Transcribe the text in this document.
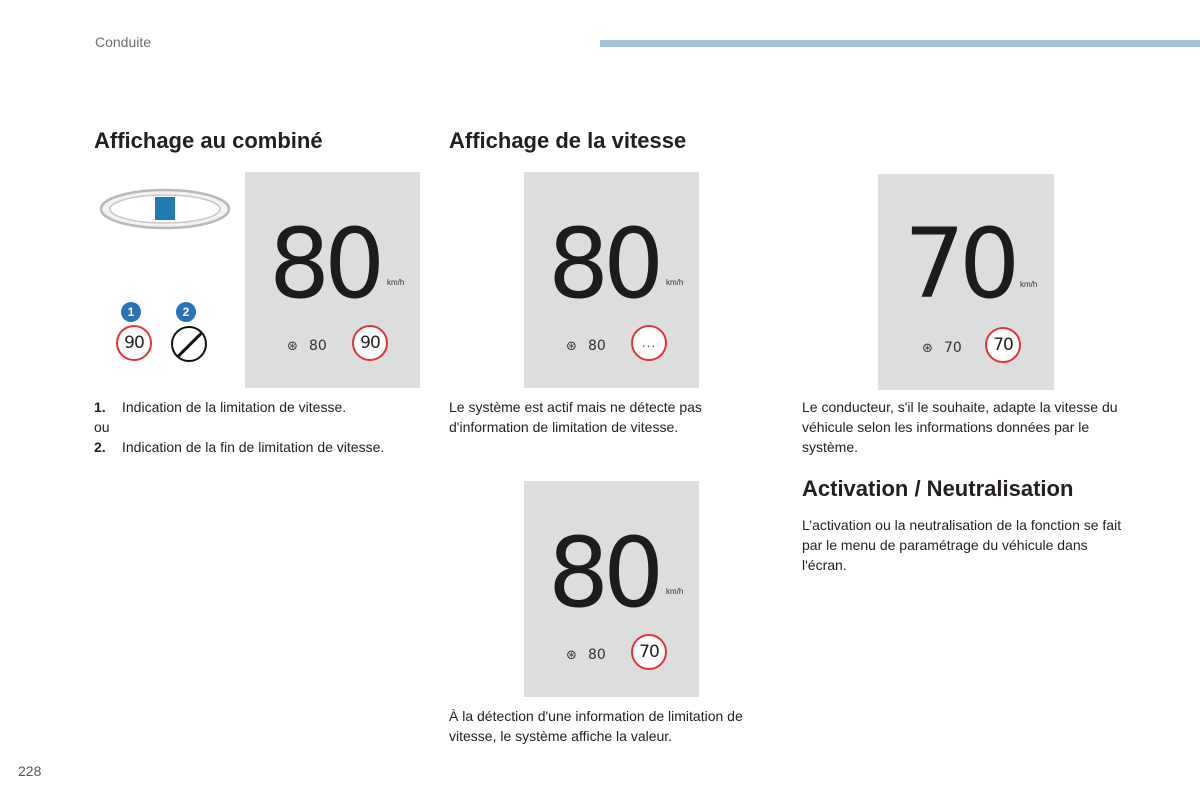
Conduite
Affichage au combiné	Affichage de la vitesse
1	2
90
80 km/h
⊛ 80	90
80 km/h
⊛ 80	...
70 km/h
⊛ 70	70
80 km/h
⊛ 80	70
1.	Indication de la limitation de vitesse.
ou
2.	Indication de la fin de limitation de vitesse.
Le système est actif mais ne détecte pas d'information de limitation de vitesse.
Le conducteur, s'il le souhaite, adapte la vitesse du véhicule selon les informations données par le système.
À la détection d'une information de limitation de vitesse, le système affiche la valeur.
Activation / Neutralisation
L’activation ou la neutralisation de la fonction se fait par le menu de paramétrage du véhicule dans l'écran.
228
